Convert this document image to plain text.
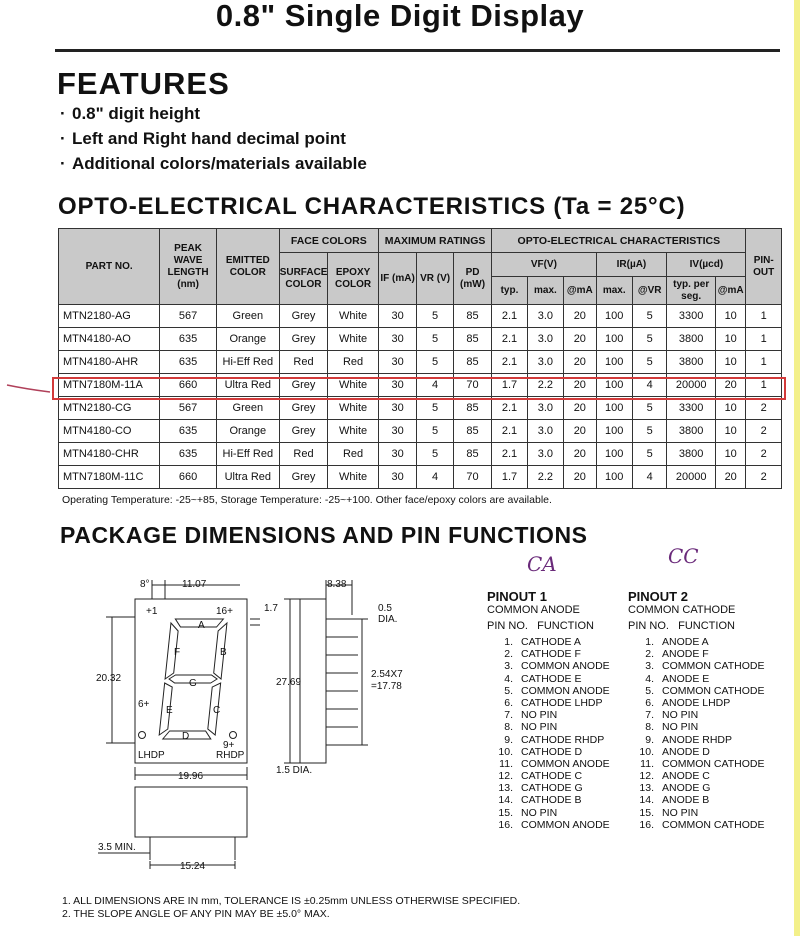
0.8" Single Digit Display
FEATURES
· 0.8" digit height
· Left and Right hand decimal point
· Additional colors/materials available
OPTO-ELECTRICAL CHARACTERISTICS (Ta = 25°C)
PART NO.	PEAK WAVE LENGTH (nm)	EMITTED COLOR	FACE COLORS		MAXIMUM RATINGS			OPTO-ELECTRICAL CHARACTERISTICS							PIN-OUT
			SURFACE COLOR	EPOXY COLOR	IF (mA)	VR (V)	PD (mW)	VF(V)			IR(µA)		IV(µcd)		
								typ.	max.	@mA	max.	@VR	typ. per seg.	@mA	
MTN2180-AG	567	Green	Grey	White	30	5	85	2.1	3.0	20	100	5	3300	10	1
MTN4180-AO	635	Orange	Grey	White	30	5	85	2.1	3.0	20	100	5	3800	10	1
MTN4180-AHR	635	Hi-Eff Red	Red	Red	30	5	85	2.1	3.0	20	100	5	3800	10	1
MTN7180M-11A	660	Ultra Red	Grey	White	30	4	70	1.7	2.2	20	100	4	20000	20	1
MTN2180-CG	567	Green	Grey	White	30	5	85	2.1	3.0	20	100	5	3300	10	2
MTN4180-CO	635	Orange	Grey	White	30	5	85	2.1	3.0	20	100	5	3800	10	2
MTN4180-CHR	635	Hi-Eff Red	Red	Red	30	5	85	2.1	3.0	20	100	5	3800	10	2
MTN7180M-11C	660	Ultra Red	Grey	White	30	4	70	1.7	2.2	20	100	4	20000	20	2
Operating Temperature: -25~+85, Storage Temperature: -25~+100. Other face/epoxy colors are available.
PACKAGE DIMENSIONS AND PIN FUNCTIONS
CA	CC
8°	11.07	8.38
+1	16+	1.7	0.5 DIA.
20.32	27.69
2.54X7
=17.78
6+
9+
LHDP	RHDP
1.5 DIA.
19.96
3.5 MIN.
15.24
A
B
C
D
E
F
G
PINOUT 1
COMMON ANODE
PIN NO. FUNCTION
1. CATHODE A
2. CATHODE F
3. COMMON ANODE
4. CATHODE E
5. COMMON ANODE
6. CATHODE LHDP
7. NO PIN
8. NO PIN
9. CATHODE RHDP
10. CATHODE D
11. COMMON ANODE
12. CATHODE C
13. CATHODE G
14. CATHODE B
15. NO PIN
16. COMMON ANODE
PINOUT 2
COMMON CATHODE
PIN NO. FUNCTION
1. ANODE A
2. ANODE F
3. COMMON CATHODE
4. ANODE E
5. COMMON CATHODE
6. ANODE LHDP
7. NO PIN
8. NO PIN
9. ANODE RHDP
10. ANODE D
11. COMMON CATHODE
12. ANODE C
13. ANODE G
14. ANODE B
15. NO PIN
16. COMMON CATHODE
1. ALL DIMENSIONS ARE IN mm, TOLERANCE IS ±0.25mm UNLESS OTHERWISE SPECIFIED.
2. THE SLOPE ANGLE OF ANY PIN MAY BE ±5.0° MAX.
